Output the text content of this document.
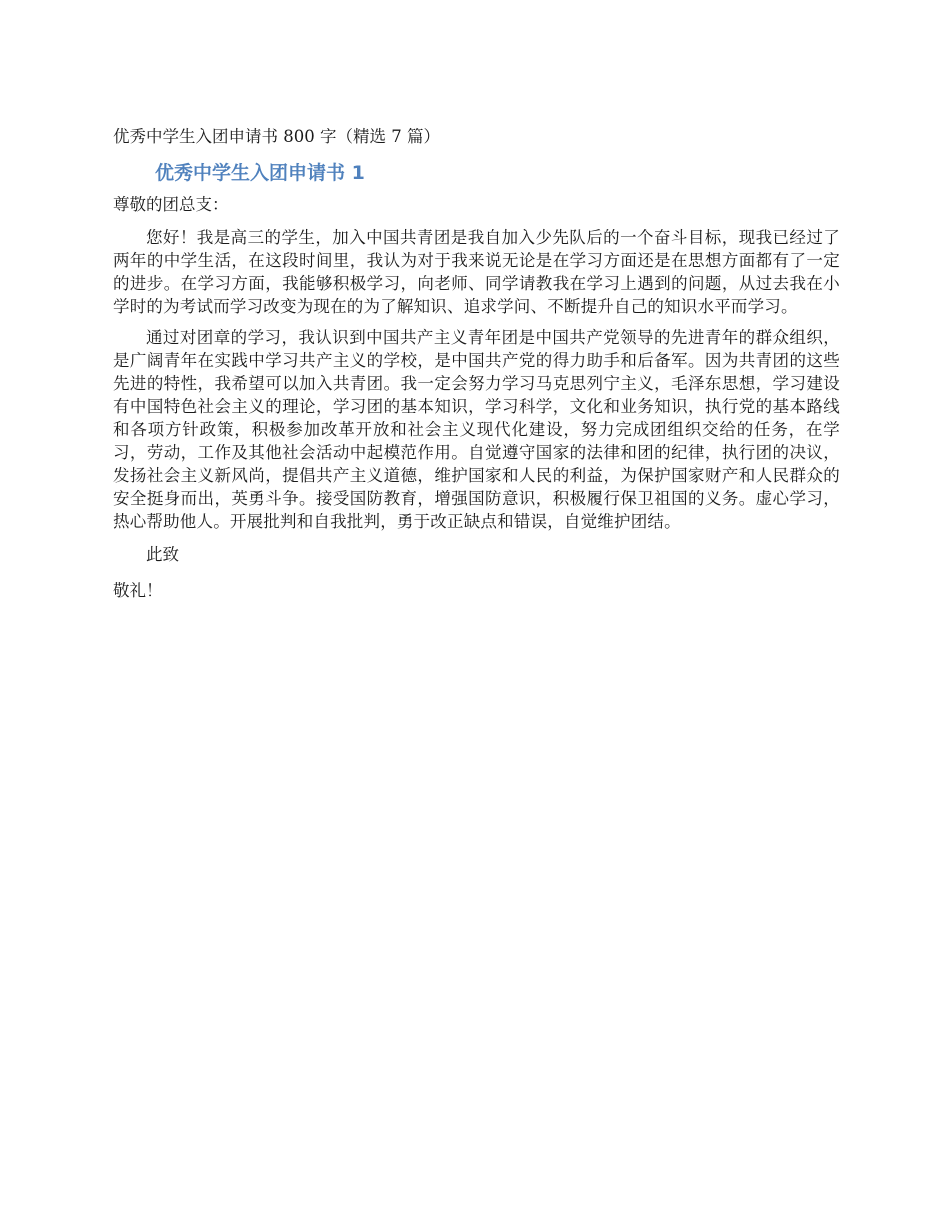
优秀中学生入团申请书 800 字（精选 7 篇）

优秀中学生入团申请书 1

尊敬的团总支：

您好！我是高三的学生，加入中国共青团是我自加入少先队后的一个奋斗目标，现我已经过了两年的中学生活，在这段时间里，我认为对于我来说无论是在学习方面还是在思想方面都有了一定的进步。在学习方面，我能够积极学习，向老师、同学请教我在学习上遇到的问题，从过去我在小学时的为考试而学习改变为现在的为了解知识、追求学问、不断提升自己的知识水平而学习。

通过对团章的学习，我认识到中国共产主义青年团是中国共产党领导的先进青年的群众组织，是广阔青年在实践中学习共产主义的学校，是中国共产党的得力助手和后备军。因为共青团的这些先进的特性，我希望可以加入共青团。我一定会努力学习马克思列宁主义，毛泽东思想，学习建设有中国特色社会主义的理论，学习团的基本知识，学习科学，文化和业务知识，执行党的基本路线和各项方针政策，积极参加改革开放和社会主义现代化建设，努力完成团组织交给的任务，在学习，劳动，工作及其他社会活动中起模范作用。自觉遵守国家的法律和团的纪律，执行团的决议，发扬社会主义新风尚，提倡共产主义道德，维护国家和人民的利益，为保护国家财产和人民群众的安全挺身而出，英勇斗争。接受国防教育，增强国防意识，积极履行保卫祖国的义务。虚心学习，热心帮助他人。开展批判和自我批判，勇于改正缺点和错误，自觉维护团结。

此致

敬礼！
